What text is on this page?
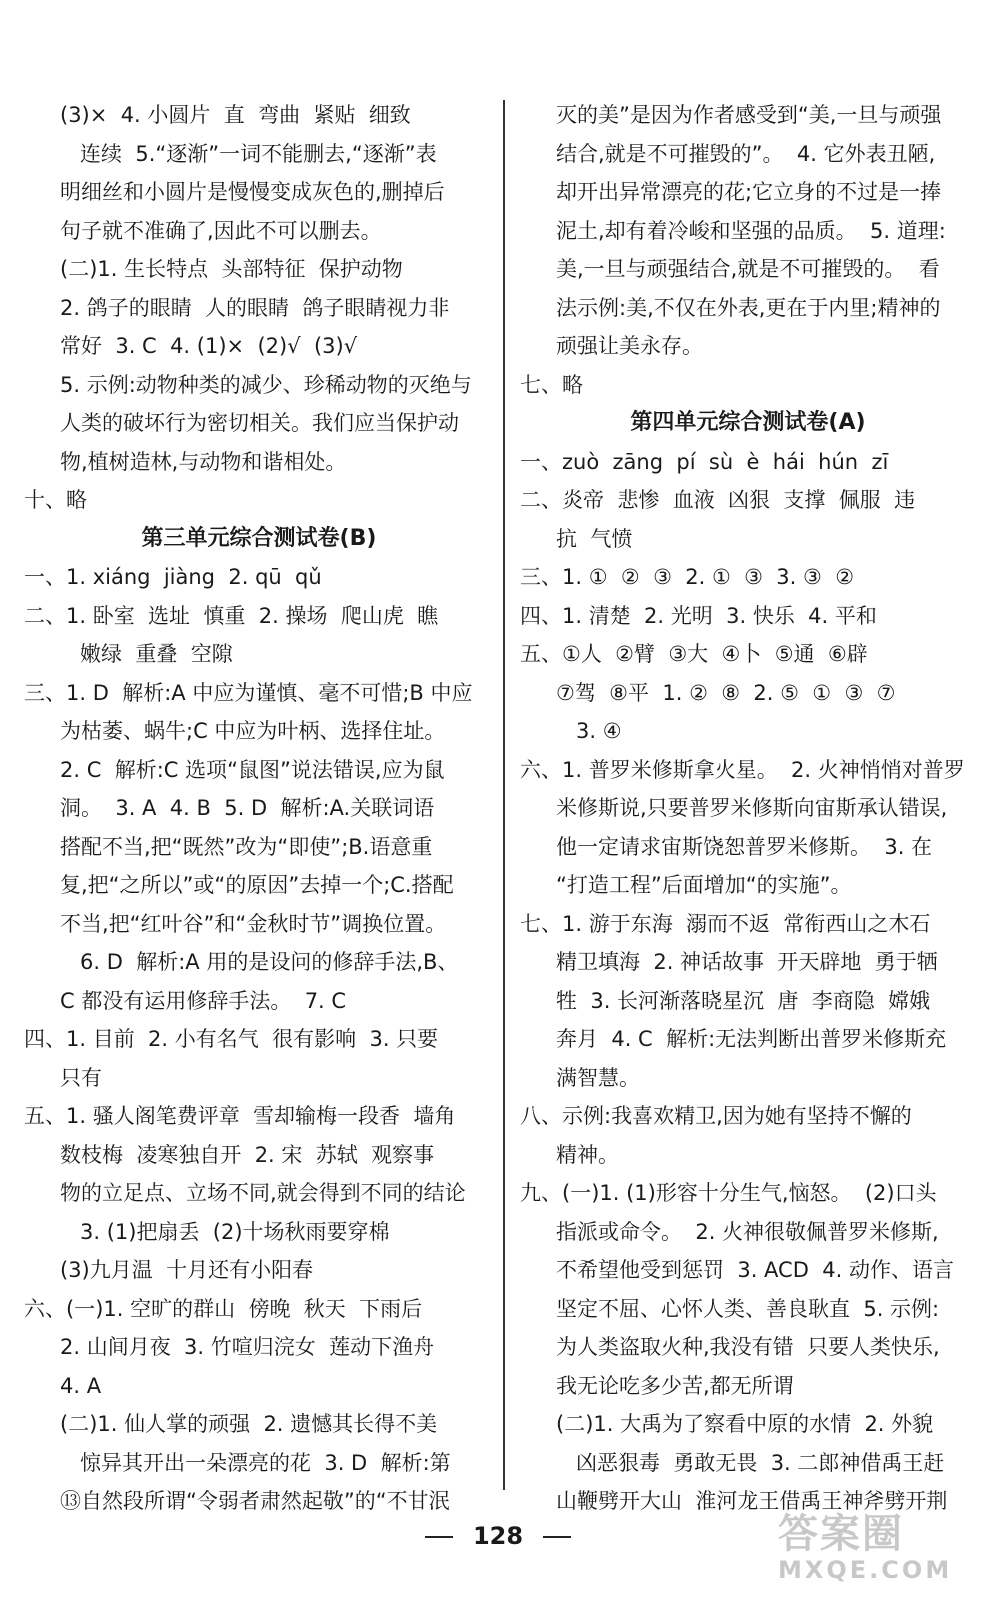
(3)×  4. 小圆片  直  弯曲  紧贴  细致
连续  5.“逐渐”一词不能删去,“逐渐”表
明细丝和小圆片是慢慢变成灰色的,删掉后
句子就不准确了,因此不可以删去。
(二)1. 生长特点  头部特征  保护动物
2. 鸽子的眼睛  人的眼睛  鸽子眼睛视力非
常好  3. C  4. (1)×  (2)√  (3)√
5. 示例:动物种类的减少、珍稀动物的灭绝与
人类的破坏行为密切相关。我们应当保护动
物,植树造林,与动物和谐相处。
十、略
第三单元综合测试卷(B)
一、1. xiáng  jiàng  2. qū  qǔ
二、1. 卧室  选址  慎重  2. 操场  爬山虎  瞧
嫩绿  重叠  空隙
三、1. D  解析:A 中应为谨慎、毫不可惜;B 中应
为枯萎、蜗牛;C 中应为叶柄、选择住址。
2. C  解析:C 选项“鼠图”说法错误,应为鼠
洞。  3. A  4. B  5. D  解析:A.关联词语
搭配不当,把“既然”改为“即使”;B.语意重
复,把“之所以”或“的原因”去掉一个;C.搭配
不当,把“红叶谷”和“金秋时节”调换位置。
6. D  解析:A 用的是设问的修辞手法,B、
C 都没有运用修辞手法。  7. C
四、1. 目前  2. 小有名气  很有影响  3. 只要
只有
五、1. 骚人阁笔费评章  雪却输梅一段香  墙角
数枝梅  凌寒独自开  2. 宋  苏轼  观察事
物的立足点、立场不同,就会得到不同的结论
3. (1)把扇丢  (2)十场秋雨要穿棉
(3)九月温  十月还有小阳春
六、(一)1. 空旷的群山  傍晚  秋天  下雨后
2. 山间月夜  3. 竹喧归浣女  莲动下渔舟
4. A
(二)1. 仙人掌的顽强  2. 遗憾其长得不美
惊异其开出一朵漂亮的花  3. D  解析:第
⑬自然段所谓“令弱者肃然起敬”的“不甘泯
灭的美”是因为作者感受到“美,一旦与顽强
结合,就是不可摧毁的”。  4. 它外表丑陋,
却开出异常漂亮的花;它立身的不过是一捧
泥土,却有着冷峻和坚强的品质。  5. 道理:
美,一旦与顽强结合,就是不可摧毁的。  看
法示例:美,不仅在外表,更在于内里;精神的
顽强让美永存。
七、略
第四单元综合测试卷(A)
一、zuò  zāng  pí  sù  è  hái  hún  zī
二、炎帝  悲惨  血液  凶狠  支撑  佩服  违
抗  气愤
三、1. ①  ②  ③  2. ①  ③  3. ③  ②
四、1. 清楚  2. 光明  3. 快乐  4. 平和
五、①人  ②臂  ③大  ④卜  ⑤通  ⑥辟
⑦驾  ⑧平  1. ②  ⑧  2. ⑤  ①  ③  ⑦
3. ④
六、1. 普罗米修斯拿火星。  2. 火神悄悄对普罗
米修斯说,只要普罗米修斯向宙斯承认错误,
他一定请求宙斯饶恕普罗米修斯。  3. 在
“打造工程”后面增加“的实施”。
七、1. 游于东海  溺而不返  常衔西山之木石
精卫填海  2. 神话故事  开天辟地  勇于牺
牲  3. 长河渐落晓星沉  唐  李商隐  嫦娥
奔月  4. C  解析:无法判断出普罗米修斯充
满智慧。
八、示例:我喜欢精卫,因为她有坚持不懈的
精神。
九、(一)1. (1)形容十分生气,恼怒。  (2)口头
指派或命令。  2. 火神很敬佩普罗米修斯,
不希望他受到惩罚  3. ACD  4. 动作、语言
坚定不屈、心怀人类、善良耿直  5. 示例:
为人类盗取火种,我没有错  只要人类快乐,
我无论吃多少苦,都无所谓
(二)1. 大禹为了察看中原的水情  2. 外貌
凶恶狠毒  勇敢无畏  3. 二郎神借禹王赶
山鞭劈开大山  淮河龙王借禹王神斧劈开荆
128	答案圈
MXQE.COM
